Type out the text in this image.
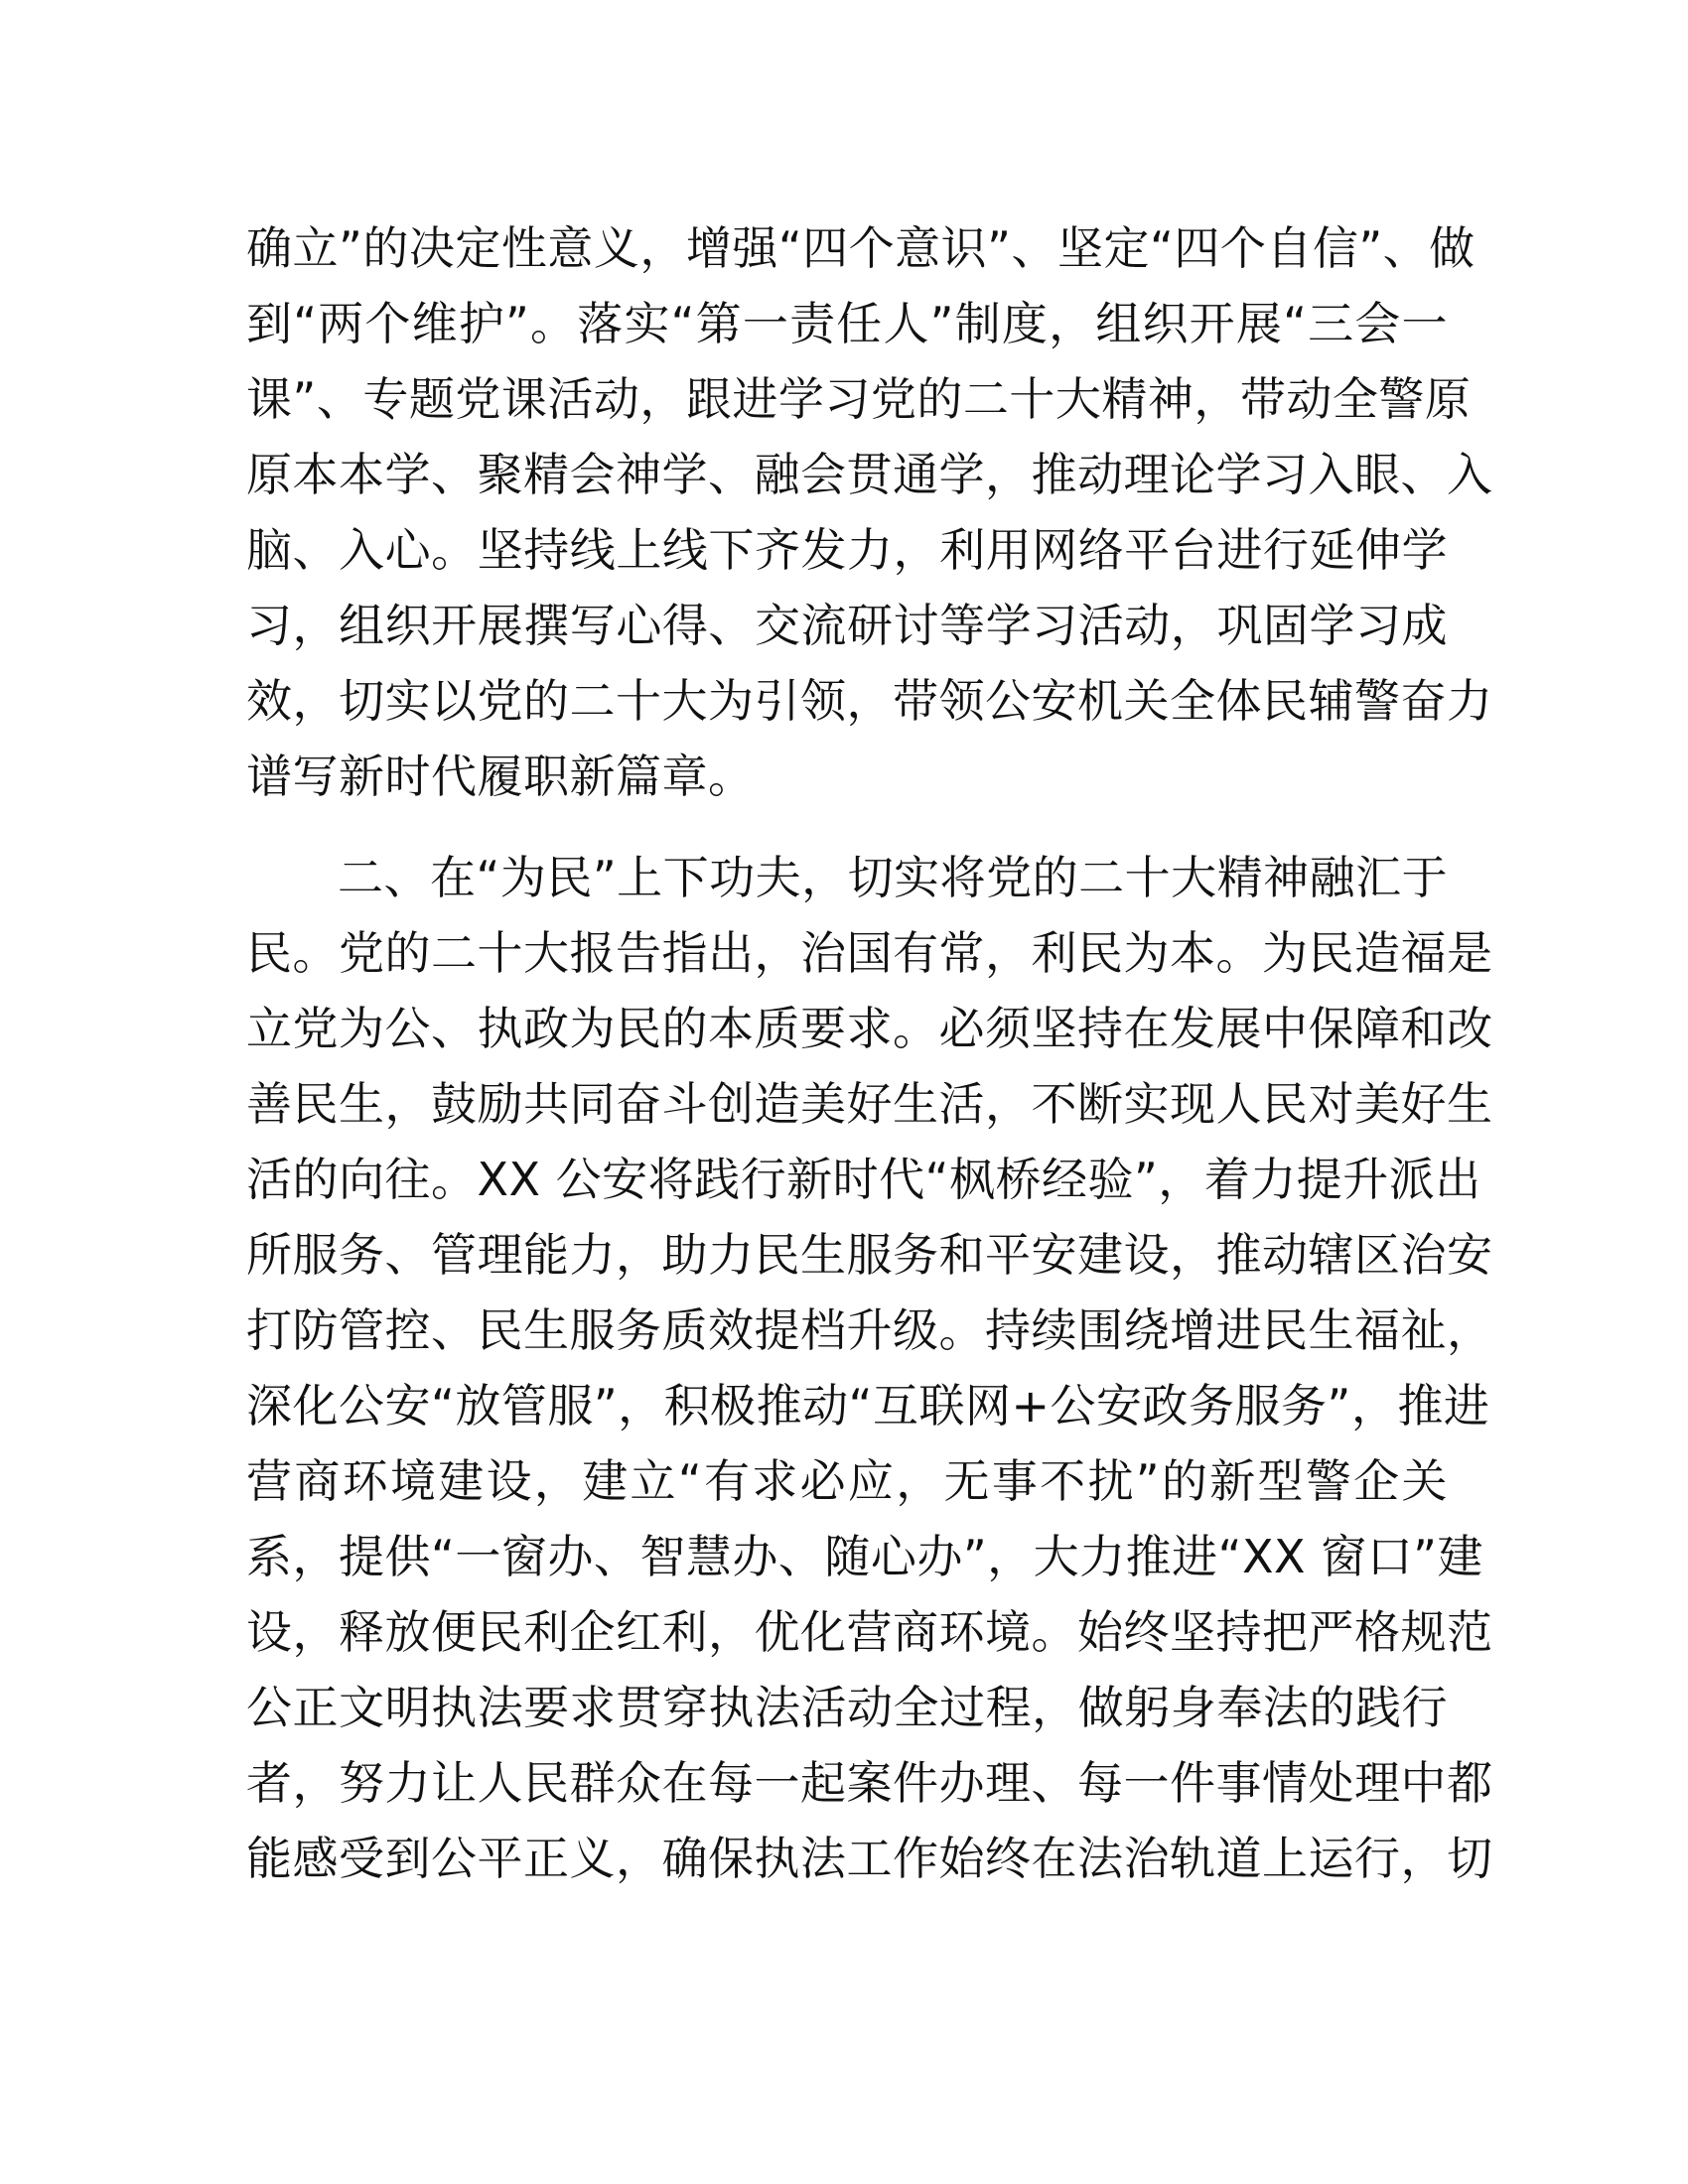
确立”的决定性意义，增强“四个意识”、坚定“四个自信”、做
到“两个维护”。落实“第一责任人”制度，组织开展“三会一
课”、专题党课活动，跟进学习党的二十大精神，带动全警原
原本本学、聚精会神学、融会贯通学，推动理论学习入眼、入
脑、入心。坚持线上线下齐发力，利用网络平台进行延伸学
习，组织开展撰写心得、交流研讨等学习活动，巩固学习成
效，切实以党的二十大为引领，带领公安机关全体民辅警奋力
谱写新时代履职新篇章。
二、在“为民”上下功夫，切实将党的二十大精神融汇于
民。党的二十大报告指出，治国有常，利民为本。为民造福是
立党为公、执政为民的本质要求。必须坚持在发展中保障和改
善民生，鼓励共同奋斗创造美好生活，不断实现人民对美好生
活的向往。XX 公安将践行新时代“枫桥经验”，着力提升派出
所服务、管理能力，助力民生服务和平安建设，推动辖区治安
打防管控、民生服务质效提档升级。持续围绕增进民生福祉，
深化公安“放管服”，积极推动“互联网+公安政务服务”，推进
营商环境建设，建立“有求必应，无事不扰”的新型警企关
系，提供“一窗办、智慧办、随心办”，大力推进“XX 窗口”建
设，释放便民利企红利，优化营商环境。始终坚持把严格规范
公正文明执法要求贯穿执法活动全过程，做躬身奉法的践行
者，努力让人民群众在每一起案件办理、每一件事情处理中都
能感受到公平正义，确保执法工作始终在法治轨道上运行，切
